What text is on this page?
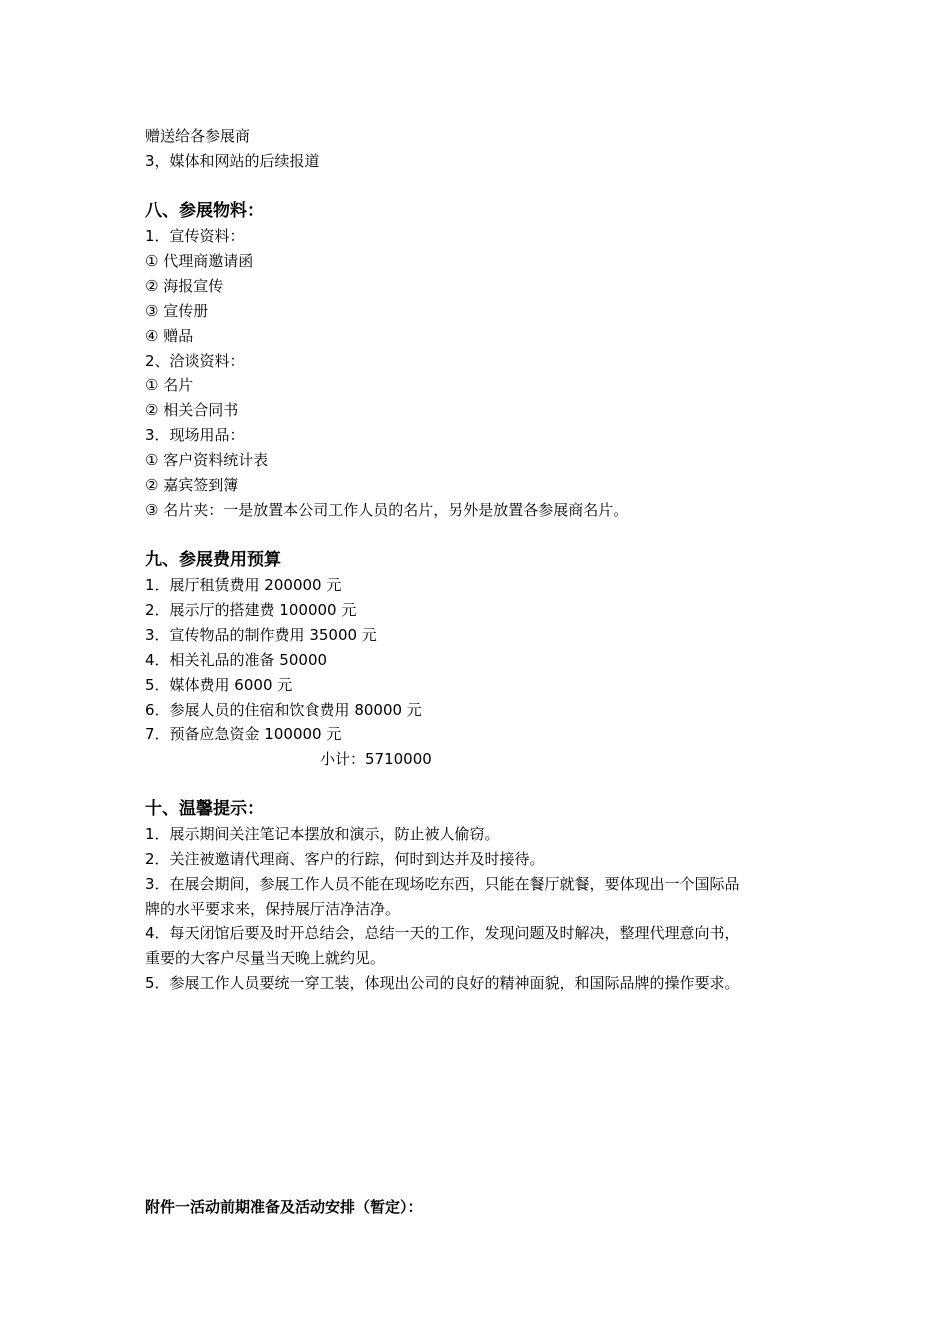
赠送给各参展商
3，媒体和网站的后续报道
八、参展物料：
1．宣传资料：
① 代理商邀请函
② 海报宣传
③ 宣传册
④ 赠品
2、洽谈资料：
① 名片
② 相关合同书
3．现场用品：
① 客户资料统计表
② 嘉宾签到簿
③ 名片夹：一是放置本公司工作人员的名片，另外是放置各参展商名片。
九、参展费用预算
1．展厅租赁费用 200000 元
2．展示厅的搭建费 100000 元
3．宣传物品的制作费用 35000 元
4．相关礼品的准备 50000
5．媒体费用 6000 元
6．参展人员的住宿和饮食费用 80000 元
7．预备应急资金 100000 元
小计：5710000
十、温馨提示：
1．展示期间关注笔记本摆放和演示，防止被人偷窃。
2．关注被邀请代理商、客户的行踪，何时到达并及时接待。
3．在展会期间，参展工作人员不能在现场吃东西，只能在餐厅就餐，要体现出一个国际品
牌的水平要求来，保持展厅洁净洁净。
4．每天闭馆后要及时开总结会，总结一天的工作，发现问题及时解决，整理代理意向书，
重要的大客户尽量当天晚上就约见。
5．参展工作人员要统一穿工装，体现出公司的良好的精神面貌，和国际品牌的操作要求。
附件一活动前期准备及活动安排（暂定）：
